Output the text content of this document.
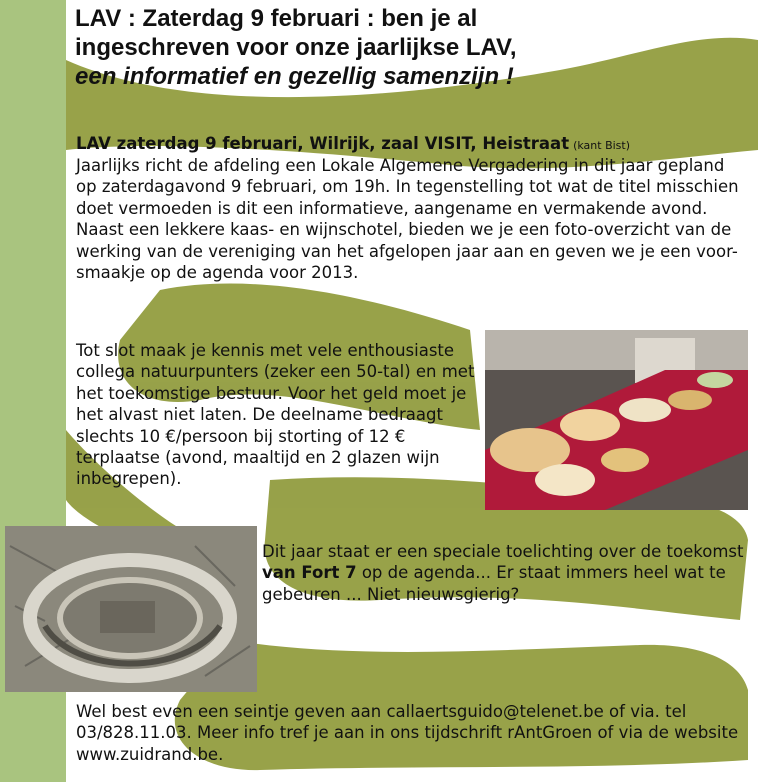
LAV : Zaterdag 9 februari : ben je al
ingeschreven voor onze jaarlijkse LAV,
een informatief en gezellig samenzijn !
LAV zaterdag 9 februari, Wilrijk, zaal VISIT, Heistraat (kant Bist)
Jaarlijks richt de afdeling een Lokale Algemene Vergadering in dit jaar gepland op zaterdagavond 9 februari, om 19h. In tegenstelling tot wat de titel misschien doet vermoeden is dit een informatieve, aangename en vermakende avond. Naast een lekkere kaas- en wijnschotel, bieden we je een foto-overzicht van de werking van de vereniging van het afgelopen jaar aan en geven we je een voor-smaakje op de agenda voor 2013.
Tot slot maak je kennis met vele enthousiaste collega natuurpunters (zeker een 50-tal) en met het toekomstige bestuur. Voor het geld moet je het alvast niet laten. De deelname bedraagt slechts 10 €/persoon bij storting of 12 € terplaatse (avond, maaltijd en 2 glazen wijn inbegrepen).
Dit jaar staat er een speciale toelichting over de toekomst van Fort 7 op de agenda... Er staat immers heel wat te gebeuren ... Niet nieuwsgierig?
Wel best even een seintje geven aan callaertsguido@telenet.be of via. tel 03/828.11.03. Meer info tref je aan in ons tijdschrift rAntGroen of via de website www.zuidrand.be.
